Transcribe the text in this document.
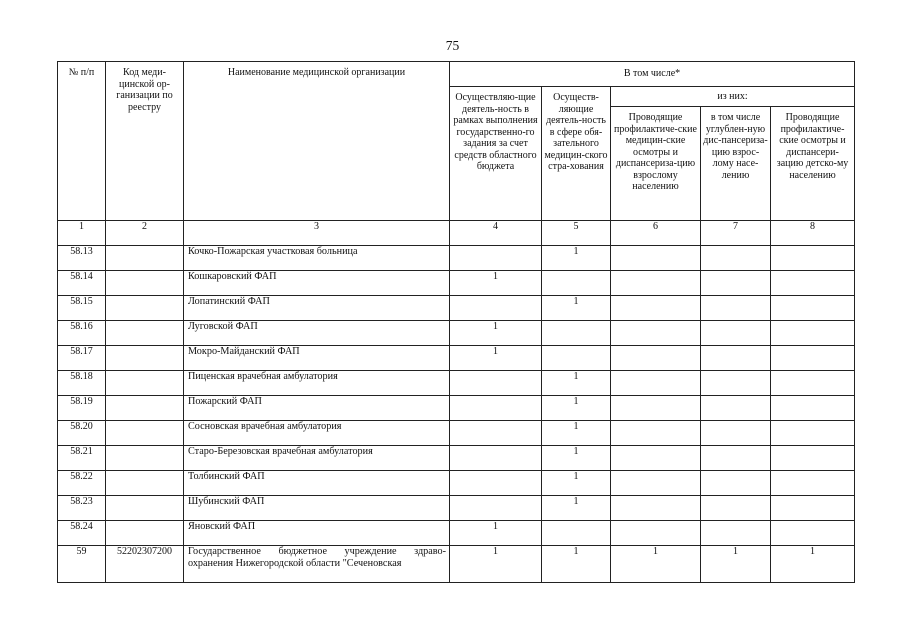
75
№ п/п	Код меди-цинской ор-ганизации по реестру	Наименование медицинской организации	В том числе*				
			Осуществляю-щие деятель-ность в рамках выполнения государственно-го задания за счет средств областного бюджета	Осуществ-ляющие деятель-ность в сфере обя-зательного медицин-ского стра-хования	из них:		
					Проводящие профилактиче-ские медицин-ские осмотры и диспансериза-цию взрослому населению	в том числе углублен-ную дис-пансериза-цию взрос-лому насе-лению	Проводящие профилактиче-ские осмотры и диспансери-зацию детско-му населению
1	2	3	4	5	6	7	8
58.13		Кочко-Пожарская участковая больница		1			
58.14		Кошкаровский ФАП	1				
58.15		Лопатинский ФАП		1			
58.16		Луговской ФАП	1				
58.17		Мокро-Майданский ФАП	1				
58.18		Пиценская врачебная амбулатория		1			
58.19		Пожарский ФАП		1			
58.20		Сосновская врачебная амбулатория		1			
58.21		Старо-Березовская врачебная амбулатория		1			
58.22		Толбинский ФАП		1			
58.23		Шубинский ФАП		1			
58.24		Яновский ФАП	1				
59	52202307200	Государственное бюджетное учреждение здраво-охранения Нижегородской области "Сеченовская	1	1	1	1	1
